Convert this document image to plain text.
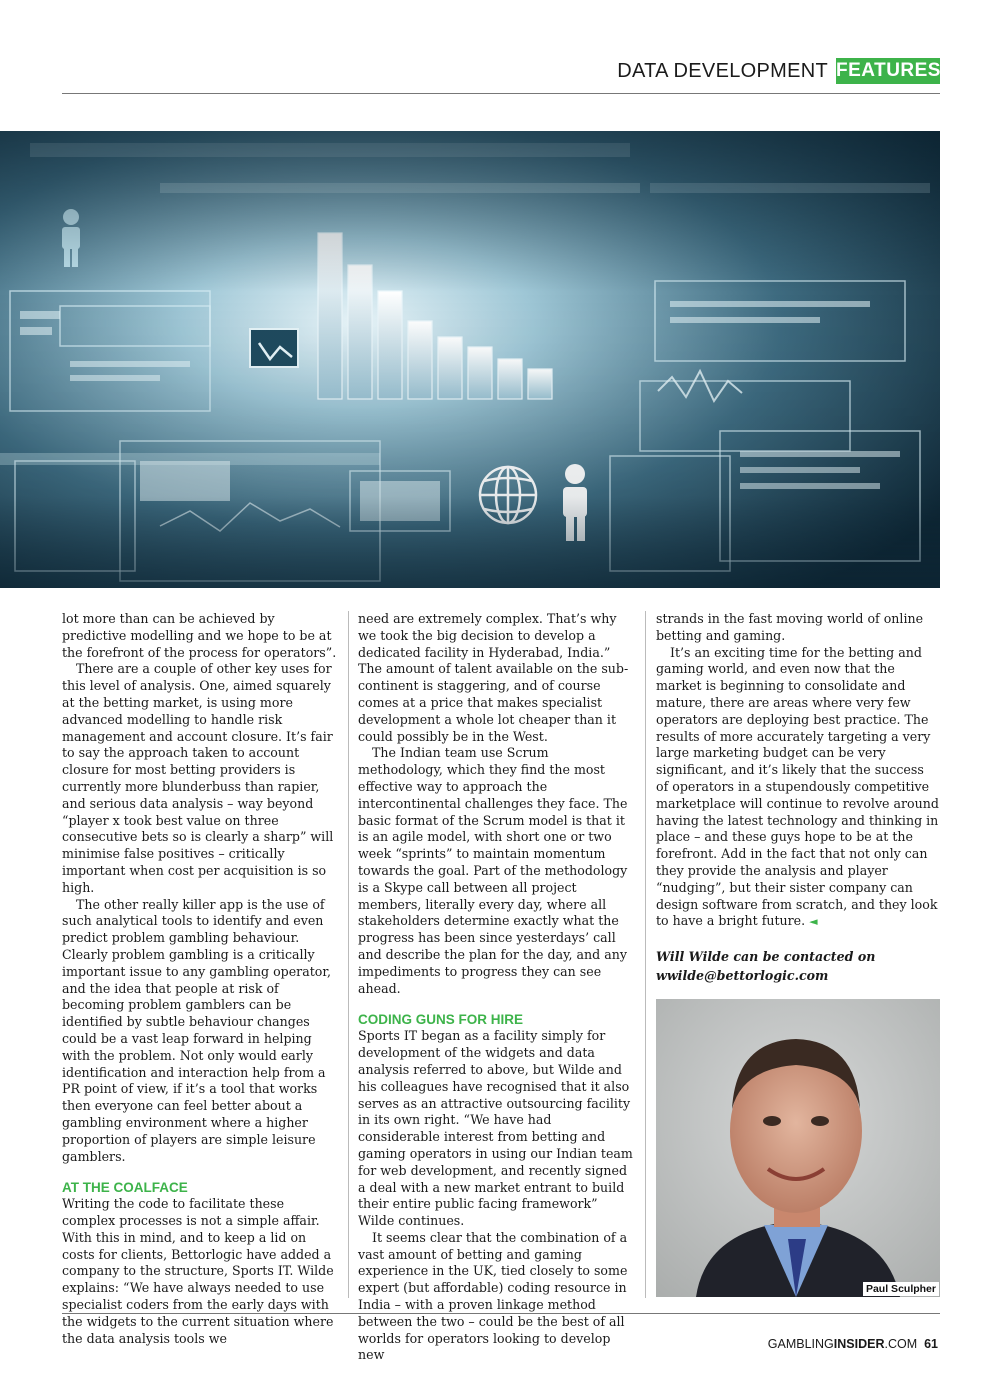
DATA DEVELOPMENT FEATURES

lot more than can be achieved by predictive modelling and we hope to be at the forefront of the process for operators”.

There are a couple of other key uses for this level of analysis. One, aimed squarely at the betting market, is using more advanced modelling to handle risk management and account closure. It’s fair to say the approach taken to account closure for most betting providers is currently more blunderbuss than rapier, and serious data analysis – way beyond “player x took best value on three consecutive bets so is clearly a sharp” will minimise false positives – critically important when cost per acquisition is so high.

The other really killer app is the use of such analytical tools to identify and even predict problem gambling behaviour. Clearly problem gambling is a critically important issue to any gambling operator, and the idea that people at risk of becoming problem gamblers can be identified by subtle behaviour changes could be a vast leap forward in helping with the problem. Not only would early identification and interaction help from a PR point of view, if it’s a tool that works then everyone can feel better about a gambling environment where a higher proportion of players are simple leisure gamblers.

AT THE COALFACE

Writing the code to facilitate these complex processes is not a simple affair. With this in mind, and to keep a lid on costs for clients, Bettorlogic have added a company to the structure, Sports IT. Wilde explains: “We have always needed to use specialist coders from the early days with the widgets to the current situation where the data analysis tools we

need are extremely complex. That’s why we took the big decision to develop a dedicated facility in Hyderabad, India.” The amount of talent available on the sub-continent is staggering, and of course comes at a price that makes specialist development a whole lot cheaper than it could possibly be in the West.

The Indian team use Scrum methodology, which they find the most effective way to approach the intercontinental challenges they face. The basic format of the Scrum model is that it is an agile model, with short one or two week “sprints” to maintain momentum towards the goal. Part of the methodology is a Skype call between all project members, literally every day, where all stakeholders determine exactly what the progress has been since yesterdays’ call and describe the plan for the day, and any impediments to progress they can see ahead.

CODING GUNS FOR HIRE

Sports IT began as a facility simply for development of the widgets and data analysis referred to above, but Wilde and his colleagues have recognised that it also serves as an attractive outsourcing facility in its own right. “We have had considerable interest from betting and gaming operators in using our Indian team for web development, and recently signed a deal with a new market entrant to build their entire public facing framework” Wilde continues.

It seems clear that the combination of a vast amount of betting and gaming experience in the UK, tied closely to some expert (but affordable) coding resource in India – with a proven linkage method between the two – could be the best of all worlds for operators looking to develop new

strands in the fast moving world of online betting and gaming.

It’s an exciting time for the betting and gaming world, and even now that the market is beginning to consolidate and mature, there are areas where very few operators are deploying best practice. The results of more accurately targeting a very large marketing budget can be very significant, and it’s likely that the success of operators in a stupendously competitive marketplace will continue to revolve around having the latest technology and thinking in place – and these guys hope to be at the forefront. Add in the fact that not only can they provide the analysis and player “nudging”, but their sister company can design software from scratch, and they look to have a bright future. ◄

Will Wilde can be contacted on
wwilde@bettorlogic.com
Paul Sculpher
GAMBLINGINSIDER.COM 61
